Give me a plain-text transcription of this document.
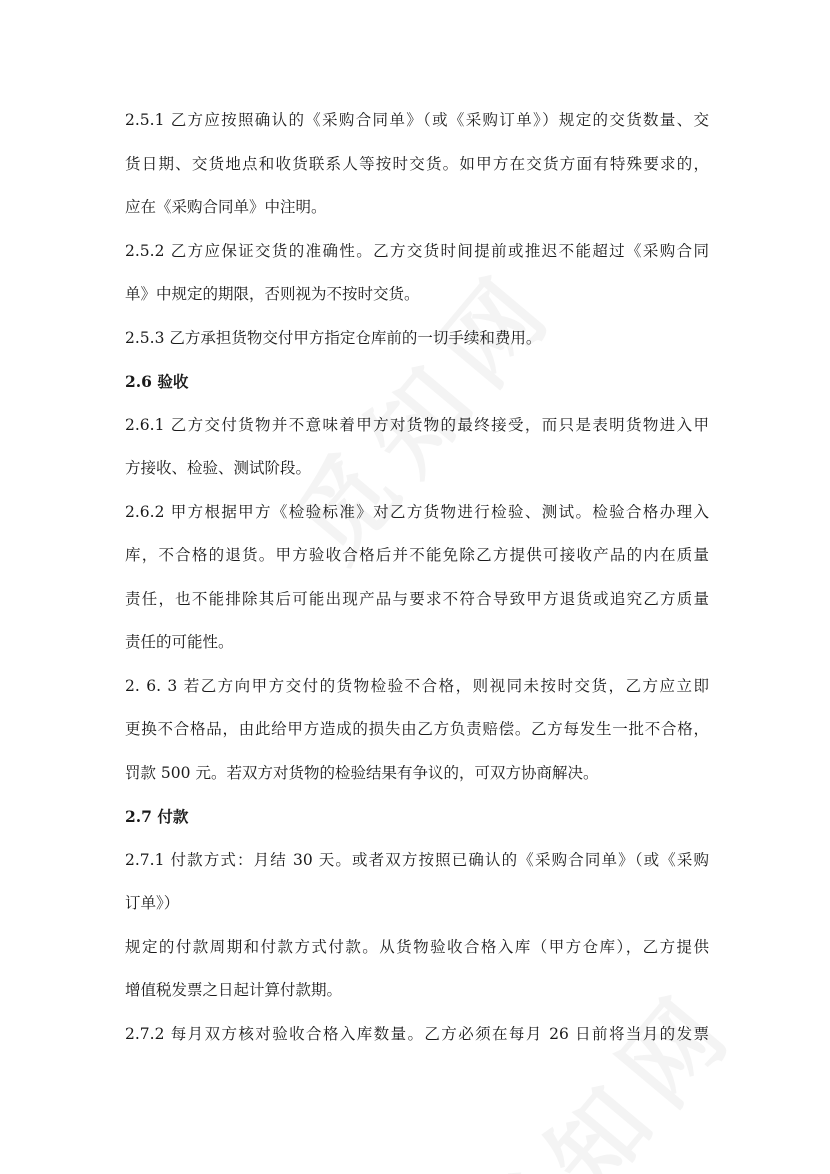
2.5.1 乙方应按照确认的《采购合同单》（或《采购订单》）规定的交货数量、交
货日期、交货地点和收货联系人等按时交货。如甲方在交货方面有特殊要求的，
应在《采购合同单》中注明。
2.5.2 乙方应保证交货的准确性。乙方交货时间提前或推迟不能超过《采购合同
单》中规定的期限，否则视为不按时交货。
2.5.3 乙方承担货物交付甲方指定仓库前的一切手续和费用。
2.6 验收
2.6.1 乙方交付货物并不意味着甲方对货物的最终接受，而只是表明货物进入甲
方接收、检验、测试阶段。
2.6.2 甲方根据甲方《检验标准》对乙方货物进行检验、测试。检验合格办理入
库，不合格的退货。甲方验收合格后并不能免除乙方提供可接收产品的内在质量
责任，也不能排除其后可能出现产品与要求不符合导致甲方退货或追究乙方质量
责任的可能性。
2. 6. 3 若乙方向甲方交付的货物检验不合格，则视同未按时交货，乙方应立即
更换不合格品，由此给甲方造成的损失由乙方负责赔偿。乙方每发生一批不合格，
罚款 500 元。若双方对货物的检验结果有争议的，可双方协商解决。
2.7 付款
2.7.1 付款方式：月结 30 天。或者双方按照已确认的《采购合同单》（或《采购
订单》）
规定的付款周期和付款方式付款。从货物验收合格入库（甲方仓库），乙方提供
增值税发票之日起计算付款期。
2.7.2 每月双方核对验收合格入库数量。乙方必须在每月 26 日前将当月的发票
